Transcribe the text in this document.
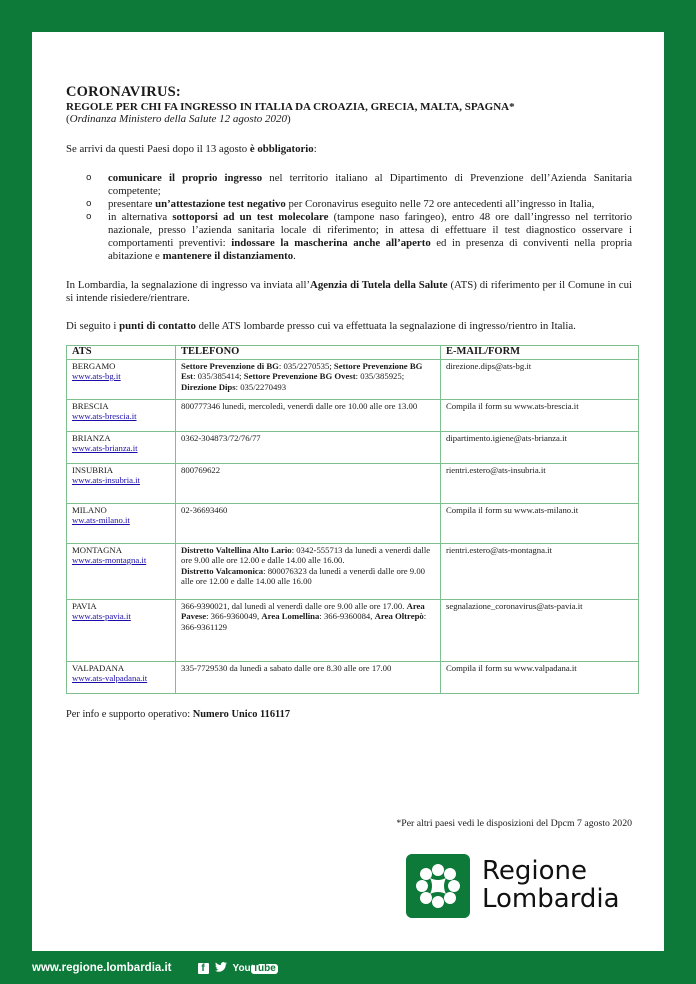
CORONAVIRUS:
REGOLE PER CHI FA INGRESSO IN ITALIA DA CROAZIA, GRECIA, MALTA, SPAGNA*
(Ordinanza Ministero della Salute 12 agosto 2020)

Se arrivi da questi Paesi dopo il 13 agosto è obbligatorio:

o comunicare il proprio ingresso nel territorio italiano al Dipartimento di Prevenzione dell’Azienda Sanitaria competente;
o presentare un’attestazione test negativo per Coronavirus eseguito nelle 72 ore antecedenti all’ingresso in Italia,
o in alternativa sottoporsi ad un test molecolare (tampone naso faringeo), entro 48 ore dall’ingresso nel territorio nazionale, presso l’azienda sanitaria locale di riferimento; in attesa di effettuare il test diagnostico osservare i comportamenti preventivi: indossare la mascherina anche all’aperto ed in presenza di conviventi nella propria abitazione e mantenere il distanziamento.

In Lombardia, la segnalazione di ingresso va inviata all’Agenzia di Tutela della Salute (ATS) di riferimento per il Comune in cui si intende risiedere/rientrare.

Di seguito i punti di contatto delle ATS lombarde presso cui va effettuata la segnalazione di ingresso/rientro in Italia.

ATS	TELEFONO	E-MAIL/FORM

BERGAMO
www.ats-bg.it	Settore Prevenzione di BG: 035/2270535; Settore Prevenzione BG Est: 035/385414; Settore Prevenzione BG Ovest: 035/385925; Direzione Dips: 035/2270493	direzione.dips@ats-bg.it

BRESCIA
www.ats-brescia.it	800777346 lunedì, mercoledì, venerdì dalle ore 10.00 alle ore 13.00	Compila il form su www.ats-brescia.it

BRIANZA
www.ats-brianza.it	0362-304873/72/76/77	dipartimento.igiene@ats-brianza.it

INSUBRIA
www.ats-insubria.it	800769622	rientri.estero@ats-insubria.it

MILANO
ww.ats-milano.it	02-36693460	Compila il form su www.ats-milano.it

MONTAGNA
www.ats-montagna.it	Distretto Valtellina Alto Lario: 0342-555713 da lunedì a venerdì dalle ore 9.00 alle ore 12.00 e dalle 14.00 alle 16.00.
Distretto Valcamonica: 800076323 da lunedì a venerdì dalle ore 9.00 alle ore 12.00 e dalle 14.00 alle 16.00	rientri.estero@ats-montagna.it

PAVIA
www.ats-pavia.it	366-9390021, dal lunedì al venerdì dalle ore 9.00 alle ore 17.00. Area Pavese: 366-9360049, Area Lomellina: 366-9360084, Area Oltrepò: 366-9361129	segnalazione_coronavirus@ats-pavia.it

VALPADANA
www.ats-valpadana.it	335-7729530 da lunedì a sabato dalle ore 8.30 alle ore 17.00	Compila il form su www.valpadana.it

Per info e supporto operativo: Numero Unico 116117

*Per altri paesi vedi le disposizioni del Dpcm 7 agosto 2020
Regione
Lombardia
www.regione.lombardia.it	f	You Tube
